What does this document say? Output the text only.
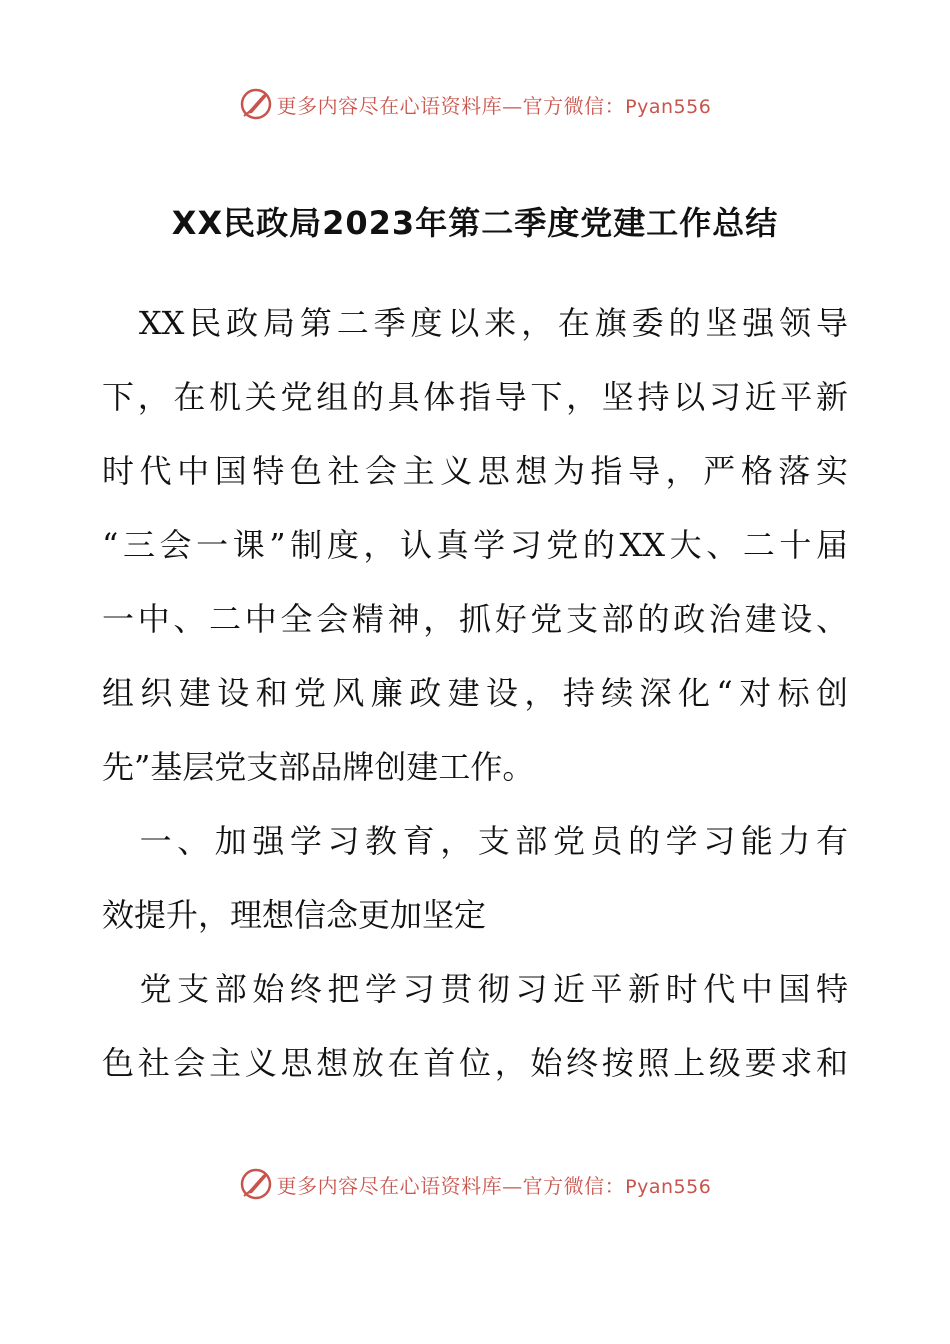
更多内容尽在心语资料库—官方微信：Pyan556
XX民政局2023年第二季度党建工作总结
　XX民政局第二季度以来，在旗委的坚强领导
下，在机关党组的具体指导下，坚持以习近平新
时代中国特色社会主义思想为指导，严格落实
“三会一课”制度，认真学习党的XX大、二十届
一中、二中全会精神，抓好党支部的政治建设、
组织建设和党风廉政建设，持续深化“对标创
先”基层党支部品牌创建工作。
　一、加强学习教育，支部党员的学习能力有
效提升，理想信念更加坚定
　党支部始终把学习贯彻习近平新时代中国特
色社会主义思想放在首位，始终按照上级要求和
更多内容尽在心语资料库—官方微信：Pyan556
